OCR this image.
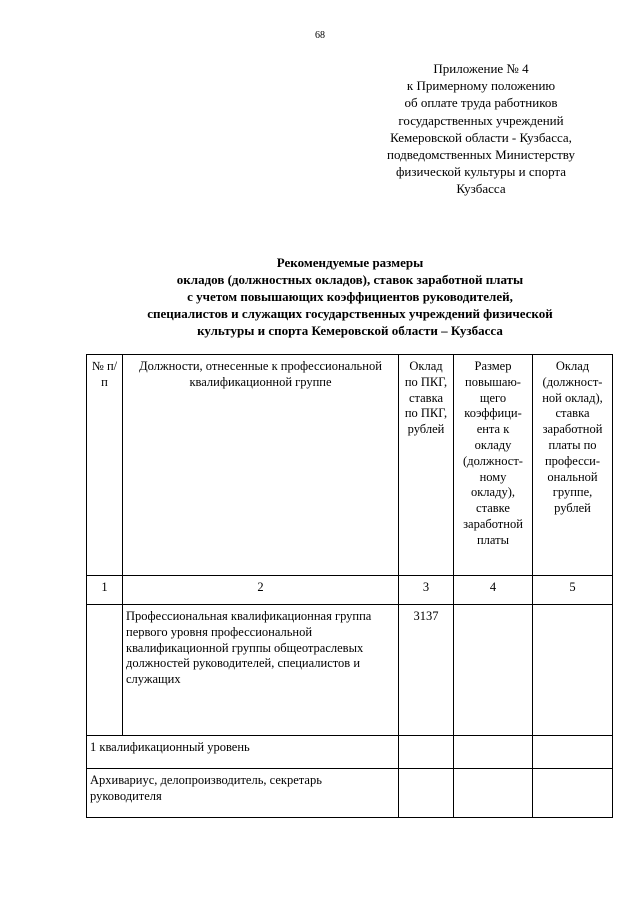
68
Приложение № 4
к Примерному положению
об оплате труда работников
государственных учреждений
Кемеровской области - Кузбасса,
подведомственных Министерству
физической культуры и спорта
Кузбасса
Рекомендуемые размеры
окладов (должностных окладов), ставок заработной платы
с учетом повышающих коэффициентов руководителей,
специалистов и служащих государственных учреждений физической
культуры и спорта Кемеровской области – Кузбасса
№ п/п	Должности, отнесенные к профессиональной квалификационной группе	Оклад по ПКГ, ставка по ПКГ, рублей	Размер повышаю-щего коэффици-ента к окладу (должност-ному окладу), ставке заработной платы	Оклад (должност-ной оклад), ставка заработной платы по професси-ональной группе, рублей
1	2	3	4	5
	Профессиональная квалификационная группа первого уровня профессиональной квалификационной группы общеотраслевых должностей руководителей, специалистов и служащих	3137		
1 квалификационный уровень				
Архивариус, делопроизводитель, секретарь руководителя				
